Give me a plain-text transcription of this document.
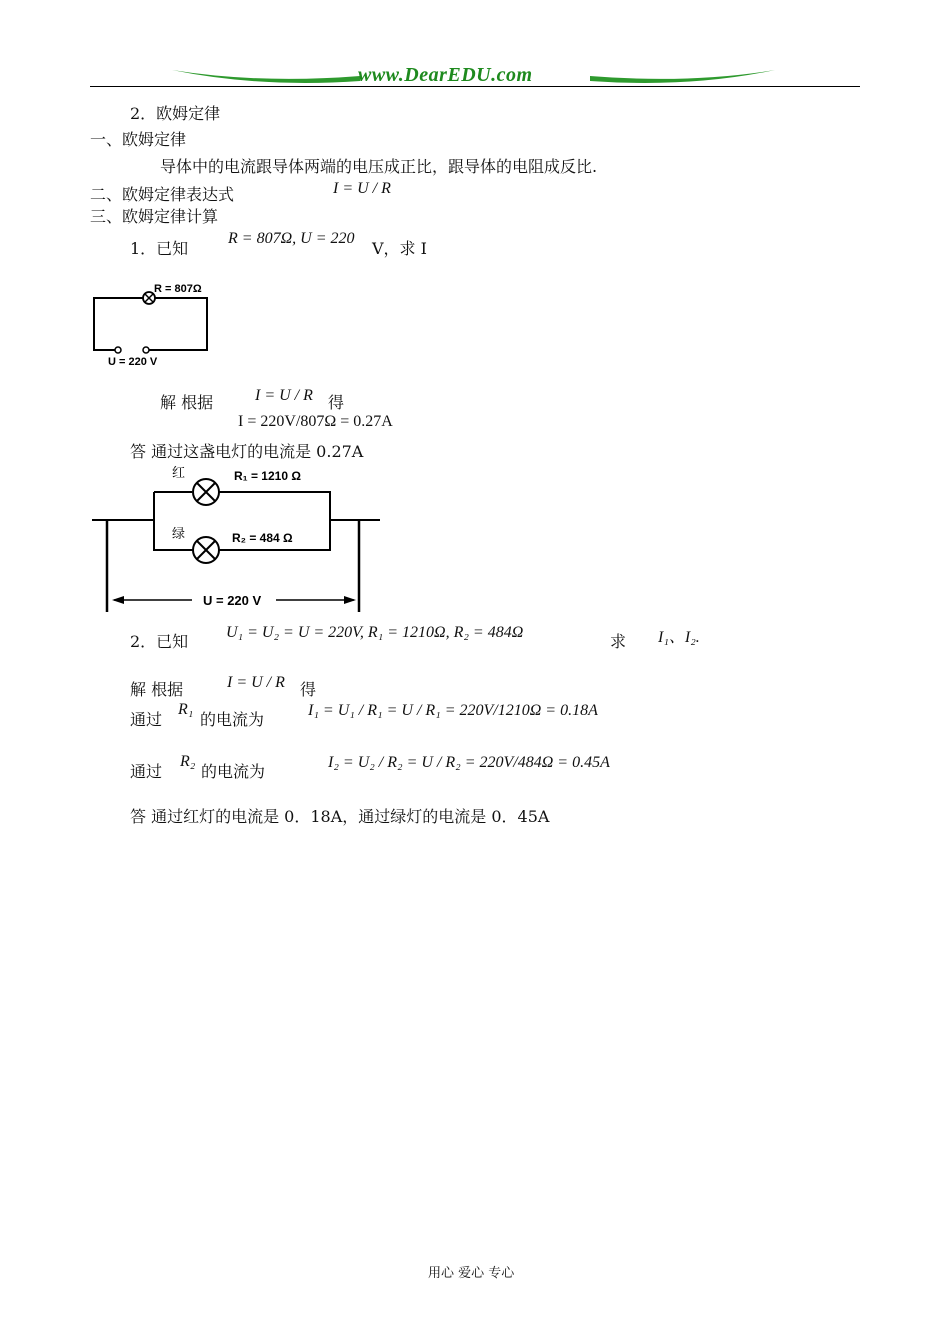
www.DearEDU.com
2．欧姆定律
一、欧姆定律
导体中的电流跟导体两端的电压成正比，跟导体的电阻成反比.
二、欧姆定律表达式	I = U / R
三、欧姆定律计算
1．已知
R = 807Ω, U = 220
V，求 I
R = 807Ω
U = 220 V
解 根据	I = U / R 得
I = 220V/807Ω = 0.27A
答 通过这盏电灯的电流是 0.27A
红	R₁ = 1210 Ω
绿	R₂ = 484 Ω
U = 220 V
2．已知 U₁ = U₂ = U = 220V, R₁ = 1210Ω, R₂ = 484Ω	求 I₁、I₂.
解 根据	I = U / R 得
通过
R₁
的电流为	I₁ = U₁ / R₁ = U / R₁ = 220V/1210Ω = 0.18A
通过
R₂
的电流为	I₂ = U₂ / R₂ = U / R₂ = 220V/484Ω = 0.45A
答 通过红灯的电流是 0．18A，通过绿灯的电流是 0．45A
用心 爱心 专心
